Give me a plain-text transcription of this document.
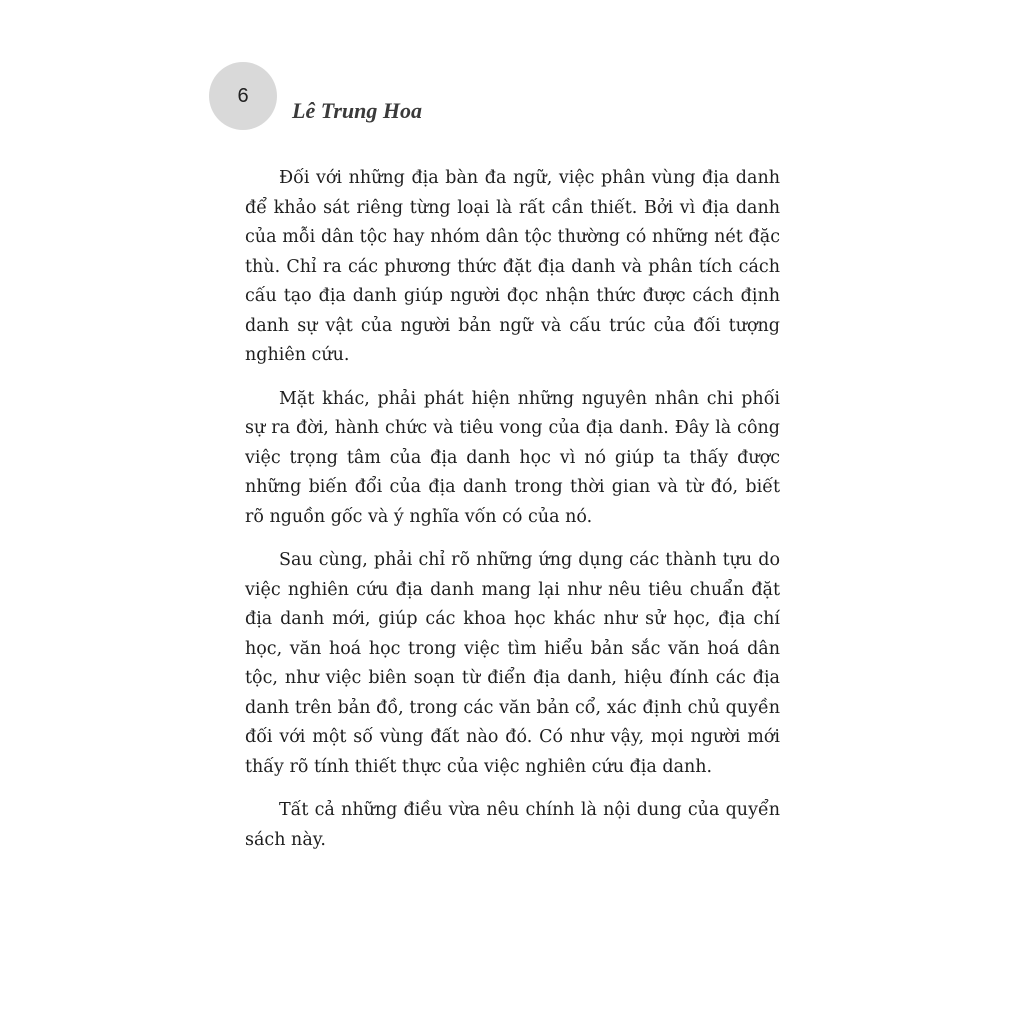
6
Lê Trung Hoa

Đối với những địa bàn đa ngữ, việc phân vùng địa danh để khảo sát riêng từng loại là rất cần thiết. Bởi vì địa danh của mỗi dân tộc hay nhóm dân tộc thường có những nét đặc thù. Chỉ ra các phương thức đặt địa danh và phân tích cách cấu tạo địa danh giúp người đọc nhận thức được cách định danh sự vật của người bản ngữ và cấu trúc của đối tượng nghiên cứu.

Mặt khác, phải phát hiện những nguyên nhân chi phối sự ra đời, hành chức và tiêu vong của địa danh. Đây là công việc trọng tâm của địa danh học vì nó giúp ta thấy được những biến đổi của địa danh trong thời gian và từ đó, biết rõ nguồn gốc và ý nghĩa vốn có của nó.

Sau cùng, phải chỉ rõ những ứng dụng các thành tựu do việc nghiên cứu địa danh mang lại như nêu tiêu chuẩn đặt địa danh mới, giúp các khoa học khác như sử học, địa chí học, văn hoá học trong việc tìm hiểu bản sắc văn hoá dân tộc, như việc biên soạn từ điển địa danh, hiệu đính các địa danh trên bản đồ, trong các văn bản cổ, xác định chủ quyền đối với một số vùng đất nào đó. Có như vậy, mọi người mới thấy rõ tính thiết thực của việc nghiên cứu địa danh.

Tất cả những điều vừa nêu chính là nội dung của quyển sách này.
